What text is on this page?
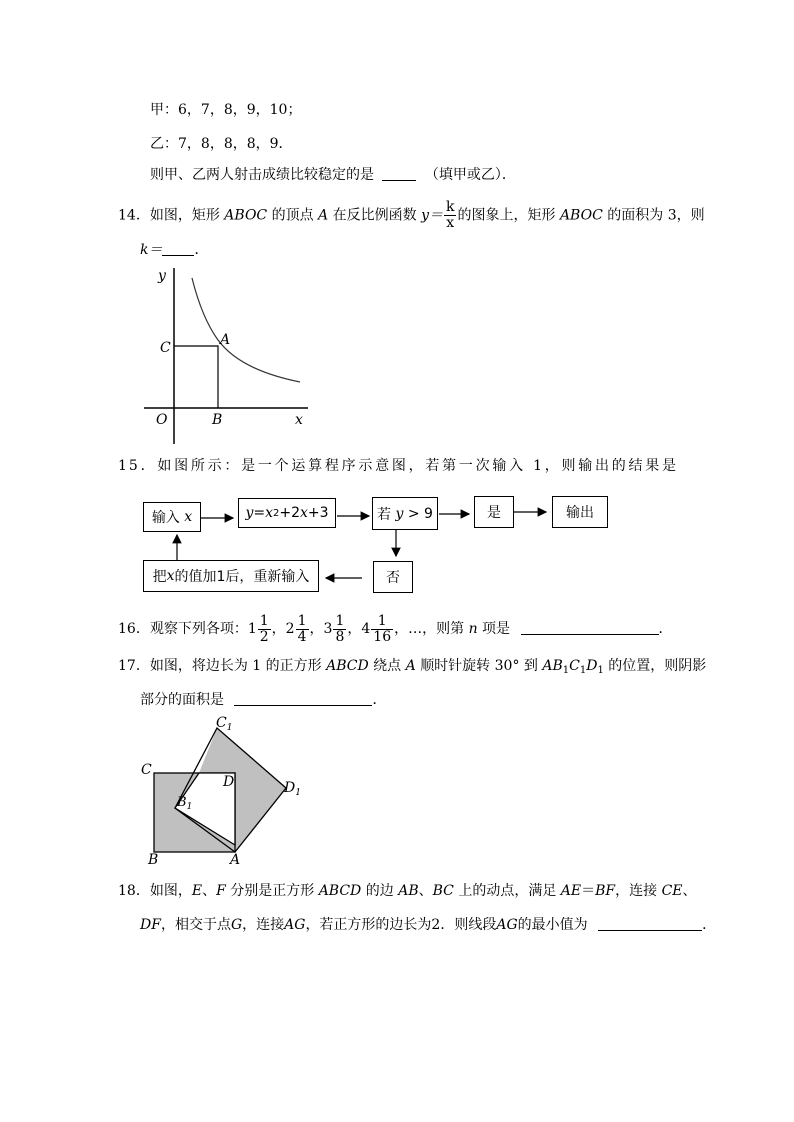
甲：6，7，8，9，10；
乙：7，8，8，8，9．
则甲、乙两人射击成绩比较稳定的是	（填甲或乙）．
14．如图，矩形 ABOC 的顶点 A 在反比例函数 $y= \frac{k}{x}$ 的图象上，矩形 ABOC 的面积为 3，则
k＝ ．
y
x
C	A
O	B
15．如图所示：是一个运算程序示意图，若第一次输入 1，则输出的结果是
输入
x	y = x 2 +2 x +3	若
y
> 9	是	输出
否
把 x 的值加1后，重新输入
16．观察下列各项：$1 \frac{1}{2}$ ，$2 \frac{1}{4}$ ，$3 \frac{1}{8}$ ，$4 \frac{1}{16}$ ，…，则第 n 项是	．
17．如图，将边长为 1 的正方形 ABCD 绕点 A 顺时针旋转 30° 到 $AB_1C_1D_1$ 的位置，则阴影
部分的面积是	．
$C_1$
C
D	$D_1$
$B_1$
B	A
18．如图，E、F 分别是正方形 ABCD 的边 AB、BC 上的动点，满足 AE＝BF，连接 CE、
DF，相交于点G，连接AG，若正方形的边长为2．则线段AG的最小值为	．
